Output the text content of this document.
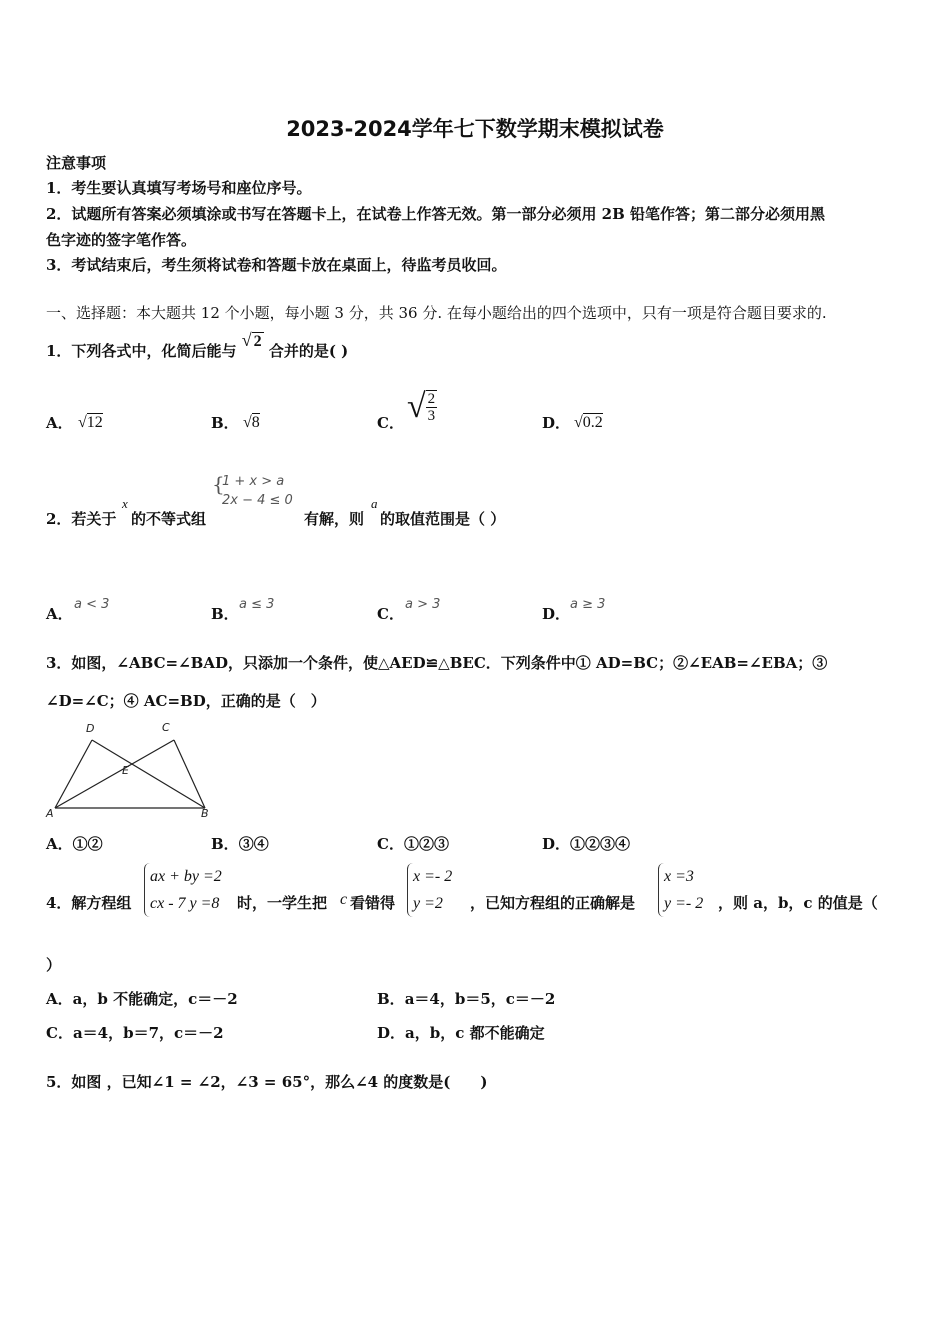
2023-2024学年七下数学期末模拟试卷
注意事项
1．考生要认真填写考场号和座位序号。
2．试题所有答案必须填涂或书写在答题卡上，在试卷上作答无效。第一部分必须用 2B 铅笔作答；第二部分必须用黑
色字迹的签字笔作答。
3．考试结束后，考生须将试卷和答题卡放在桌面上，待监考员收回。
一、选择题：本大题共 12 个小题，每小题 3 分，共 36 分. 在每小题给出的四个选项中，只有一项是符合题目要求的.
1．下列各式中，化简后能与 √ 2 合并的是( )
A． √12	B． √8	C． √ $\frac{2}{3}$	D． √0.2
2．若关于
x
的不等式组
{
1 + x > a
2x − 4 ≤ 0
有解，则
a
的取值范围是（ ）
A．
a < 3
B．
a ≤ 3
C．
a > 3
D．
a ≥ 3
3．如图，∠ABC=∠BAD，只添加一个条件，使△AED≌△BEC．下列条件中① AD=BC；②∠EAB=∠EBA；③
∠D=∠C；④ AC=BD，正确的是（　）
D	C
E
A	B
A．①②	B．③④	C．①②③	D．①②③④
4．解方程组
ax + by =2
cx - 7 y =8 时，一学生把 c 看错得
x =- 2
y =2	，已知方程组的正确解是
x =3
y =- 2 ，则 a，b，c 的值是（
）
A．a，b 不能确定，c＝－2	B．a＝4，b＝5，c＝－2
C．a＝4，b＝7，c＝－2	D．a，b，c 都不能确定
5．如图 ，已知∠1 = ∠2，∠3 = 65°，那么∠4 的度数是(　　)
